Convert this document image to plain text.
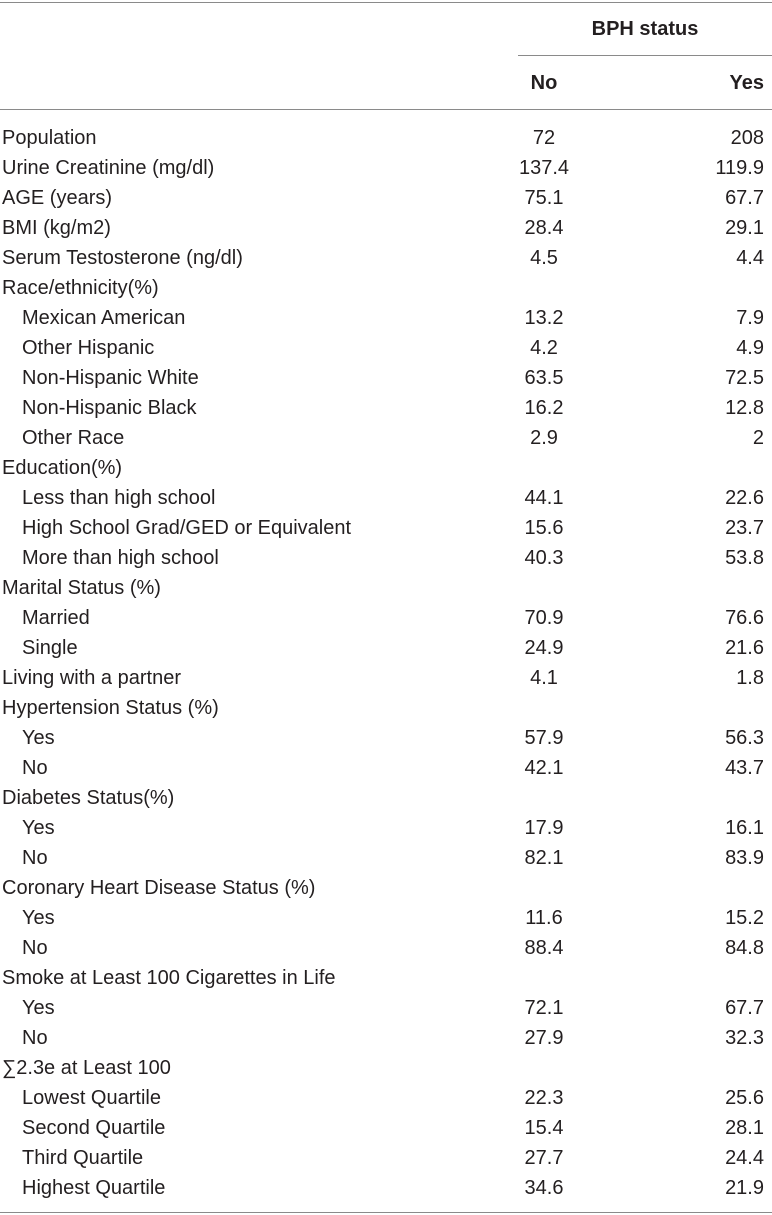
BPH status
No	Yes
Population	72	208
Urine Creatinine (mg/dl)	137.4	119.9
AGE (years)	75.1	67.7
BMI (kg/m2)	28.4	29.1
Serum Testosterone (ng/dl)	4.5	4.4
Race/ethnicity(%)
Mexican American	13.2	7.9
Other Hispanic	4.2	4.9
Non-Hispanic White	63.5	72.5
Non-Hispanic Black	16.2	12.8
Other Race	2.9	2
Education(%)
Less than high school	44.1	22.6
High School Grad/GED or Equivalent	15.6	23.7
More than high school	40.3	53.8
Marital Status (%)
Married	70.9	76.6
Single	24.9	21.6
Living with a partner	4.1	1.8
Hypertension Status (%)
Yes	57.9	56.3
No	42.1	43.7
Diabetes Status(%)
Yes	17.9	16.1
No	82.1	83.9
Coronary Heart Disease Status (%)
Yes	11.6	15.2
No	88.4	84.8
Smoke at Least 100 Cigarettes in Life
Yes	72.1	67.7
No	27.9	32.3
∑2.3e at Least 100
Lowest Quartile	22.3	25.6
Second Quartile	15.4	28.1
Third Quartile	27.7	24.4
Highest Quartile	34.6	21.9
